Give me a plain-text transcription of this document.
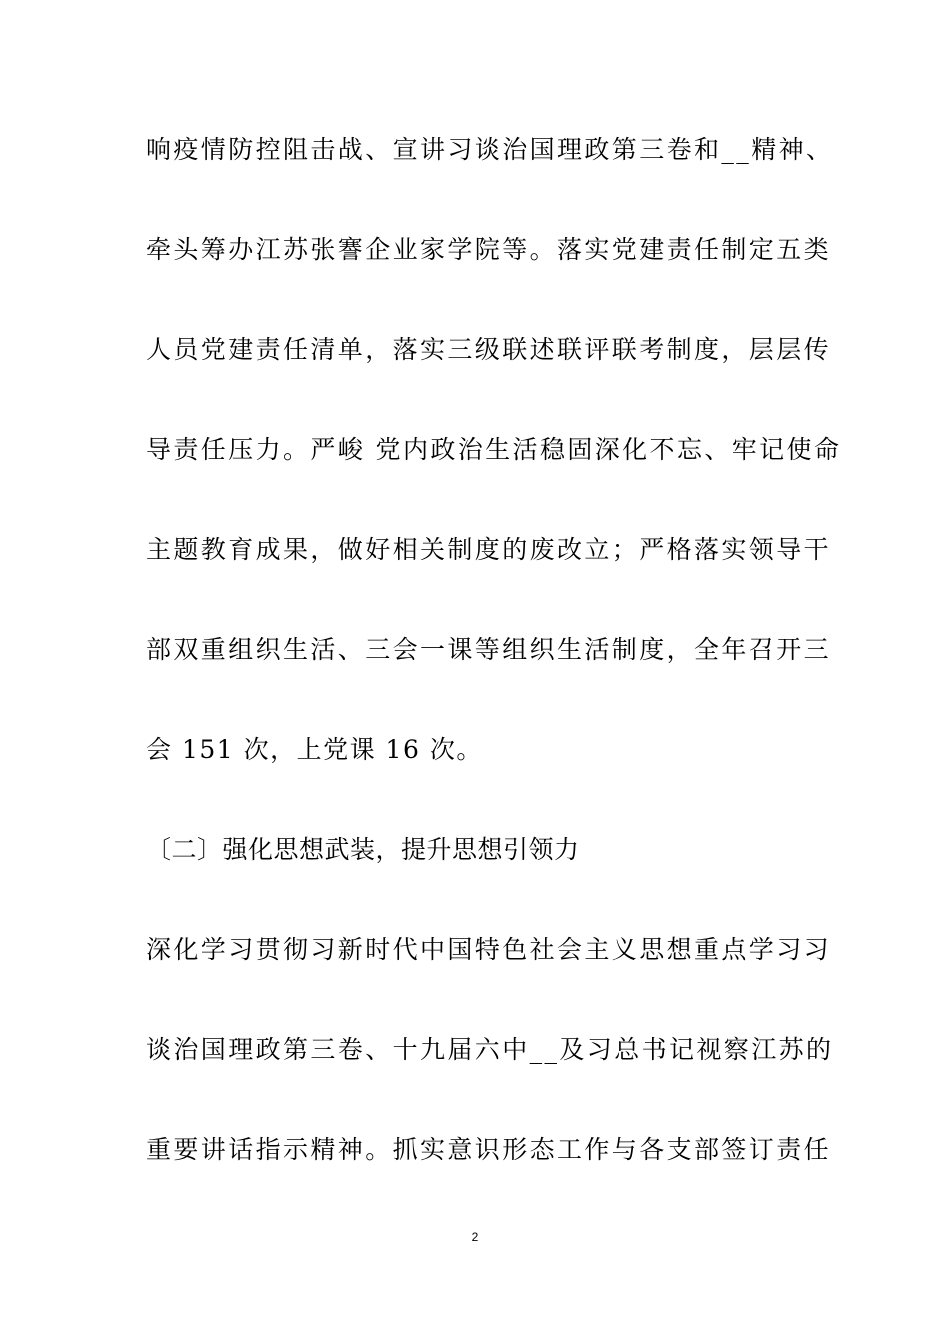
响疫情防控阻击战、宣讲习谈治国理政第三卷和__精神、
牵头筹办江苏张謇企业家学院等。落实党建责任制定五类
人员党建责任清单，落实三级联述联评联考制度，层层传
导责任压力。严峻 党内政治生活稳固深化不忘、牢记使命
主题教育成果，做好相关制度的废改立；严格落实领导干
部双重组织生活、三会一课等组织生活制度，全年召开三
会 151 次，上党课 16 次。
〔二〕强化思想武装，提升思想引领力
深化学习贯彻习新时代中国特色社会主义思想重点学习习
谈治国理政第三卷、十九届六中__及习总书记视察江苏的
重要讲话指示精神。抓实意识形态工作与各支部签订责任
2
